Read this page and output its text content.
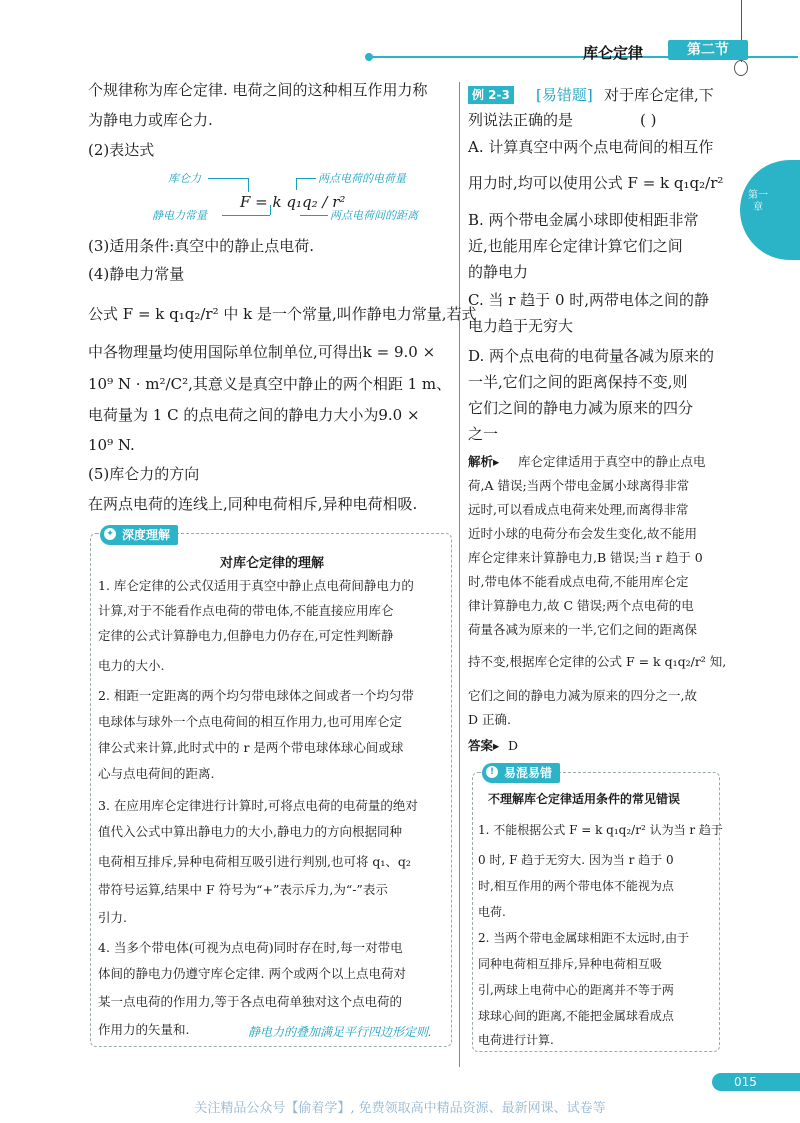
库仑定律	第二节
第一章
个规律称为库仑定律. 电荷之间的这种相互作用力称
为静电力或库仑力.
(2)表达式
库仑力	两点电荷的电荷量
F = k q₁q₂ / r²
静电力常量	两点电荷间的距离
(3)适用条件:真空中的静止点电荷.
(4)静电力常量
公式 F = k q₁q₂/r² 中 k 是一个常量,叫作静电力常量,若式
中各物理量均使用国际单位制单位,可得出k = 9.0 ×
10⁹ N · m²/C²,其意义是真空中静止的两个相距 1 m、
电荷量为 1 C 的点电荷之间的静电力大小为9.0 ×
10⁹ N.
(5)库仑力的方向
在两点电荷的连线上,同种电荷相斥,异种电荷相吸.
✦ 深度理解
对库仑定律的理解
1. 库仑定律的公式仅适用于真空中静止点电荷间静电力的
计算,对于不能看作点电荷的带电体,不能直接应用库仑
定律的公式计算静电力,但静电力仍存在,可定性判断静
电力的大小.
2. 相距一定距离的两个均匀带电球体之间或者一个均匀带
电球体与球外一个点电荷间的相互作用力,也可用库仑定
律公式来计算,此时式中的 r 是两个带电球体球心间或球
心与点电荷间的距离.
3. 在应用库仑定律进行计算时,可将点电荷的电荷量的绝对
值代入公式中算出静电力的大小,静电力的方向根据同种
电荷相互排斥,异种电荷相互吸引进行判别,也可将 q₁、q₂
带符号运算,结果中 F 符号为“+”表示斥力,为“-”表示
引力.
4. 当多个带电体(可视为点电荷)同时存在时,每一对带电
体间的静电力仍遵守库仑定律. 两个或两个以上点电荷对
某一点电荷的作用力,等于各点电荷单独对这个点电荷的
作用力的矢量和.	静电力的叠加满足平行四边形定则.
例 2-3 [易错题] 对于库仑定律,下
列说法正确的是	( )
A. 计算真空中两个点电荷间的相互作
用力时,均可以使用公式 F = k q₁q₂/r²
B. 两个带电金属小球即使相距非常
近,也能用库仑定律计算它们之间
的静电力
C. 当 r 趋于 0 时,两带电体之间的静
电力趋于无穷大
D. 两个点电荷的电荷量各减为原来的
一半,它们之间的距离保持不变,则
它们之间的静电力减为原来的四分
之一
解析▸ 库仑定律适用于真空中的静止点电
荷,A 错误;当两个带电金属小球离得非常
远时,可以看成点电荷来处理,而离得非常
近时小球的电荷分布会发生变化,故不能用
库仑定律来计算静电力,B 错误;当 r 趋于 0
时,带电体不能看成点电荷,不能用库仑定
律计算静电力,故 C 错误;两个点电荷的电
荷量各减为原来的一半,它们之间的距离保
持不变,根据库仑定律的公式 F = k q₁q₂/r² 知,
它们之间的静电力减为原来的四分之一,故
D 正确.
答案▸ D
! 易混易错
不理解库仑定律适用条件的常见错误
1. 不能根据公式 F = k q₁q₂/r² 认为当 r 趋于
0 时, F 趋于无穷大. 因为当 r 趋于 0
时,相互作用的两个带电体不能视为点
电荷.
2. 当两个带电金属球相距不太远时,由于
同种电荷相互排斥,异种电荷相互吸
引,两球上电荷中心的距离并不等于两
球球心间的距离,不能把金属球看成点
电荷进行计算.
015
关注精品公众号【偷着学】, 免费领取高中精品资源、最新网课、试卷等
